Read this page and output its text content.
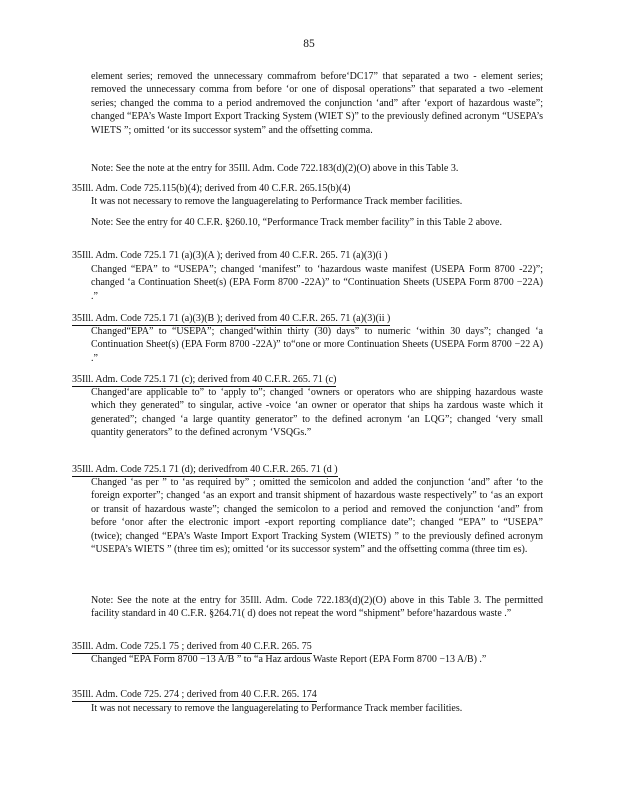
85

element series; removed the unnecessary commafrom before‘DC17” that separated a two - element series; removed the unnecessary comma from before ‘or one of disposal operations” that separated a two -element series; changed the comma to a period andremoved the conjunction ‘and” after ‘export of hazardous waste”; changed “EPA’s Waste Import Export Tracking System (WIET S)” to the previously defined acronym “USEPA’s WIETS ”; omitted ‘or its successor system” and the offsetting comma.

Note: See the note at the entry for 35Ill. Adm. Code 722.183(d)(2)(O) above in this Table 3.

35Ill. Adm. Code 725.115(b)(4); derived from 40 C.F.R. 265.15(b)(4)

It was not necessary to remove the languagerelating to Performance Track member facilities.

Note: See the entry for 40 C.F.R. §260.10, “Performance Track member facility” in this Table 2 above.

35Ill. Adm. Code 725.1 71 (a)(3)(A ); derived from 40 C.F.R. 265. 71 (a)(3)(i )

Changed “EPA” to “USEPA”; changed ‘manifest” to ‘hazardous waste manifest (USEPA Form 8700 -22)”; changed ‘a Continuation Sheet(s) (EPA Form 8700 -22A)” to “Continuation Sheets (USEPA Form 8700 −22A) .”

35Ill. Adm. Code 725.1 71 (a)(3)(B ); derived from 40 C.F.R. 265. 71 (a)(3)(ii )

Changed“EPA” to “USEPA”; changed‘within thirty (30) days” to numeric ‘within 30 days”; changed ‘a Continuation Sheet(s) (EPA Form 8700 -22A)” to“one or more Continuation Sheets (USEPA Form 8700 −22 A) .”

35Ill. Adm. Code 725.1 71 (c); derived from 40 C.F.R. 265. 71 (c)

Changed‘are applicable to” to ‘apply to”; changed ‘owners or operators who are shipping hazardous waste which they generated” to singular, active -voice ‘an owner or operator that ships ha zardous waste which it generated”; changed ‘a large quantity generator” to the defined acronym ‘an LQG”; changed ‘very small quantity generators” to the defined acronym ‘VSQGs.”

35Ill. Adm. Code 725.1 71 (d); derivedfrom 40 C.F.R. 265. 71 (d )

Changed ‘as per ” to ‘as required by” ; omitted the semicolon and added the conjunction ‘and” after ‘to the foreign exporter”; changed ‘as an export and transit shipment of hazardous waste respectively” to ‘as an export or transit of hazardous waste”; changed the semicolon to a period and removed the conjunction ‘and” from before ‘onor after the electronic import -export reporting compliance date”; changed “EPA” to “USEPA” (twice); changed “EPA’s Waste Import Export Tracking System (WIETS) ” to the previously defined acronym “USEPA’s WIETS ” (three tim es); omitted ‘or its successor system” and the offsetting comma (three tim es).

Note: See the note at the entry for 35Ill. Adm. Code 722.183(d)(2)(O) above in this Table 3. The permitted facility standard in 40 C.F.R. §264.71( d) does not repeat the word “shipment” before‘hazardous waste .”

35Ill. Adm. Code 725.1 75 ; derived from 40 C.F.R. 265. 75

Changed “EPA Form 8700 −13 A/B ” to “a Haz ardous Waste Report (EPA Form 8700 −13 A/B) .”

35Ill. Adm. Code 725. 274 ; derived from 40 C.F.R. 265. 174

It was not necessary to remove the languagerelating to Performance Track member facilities.
